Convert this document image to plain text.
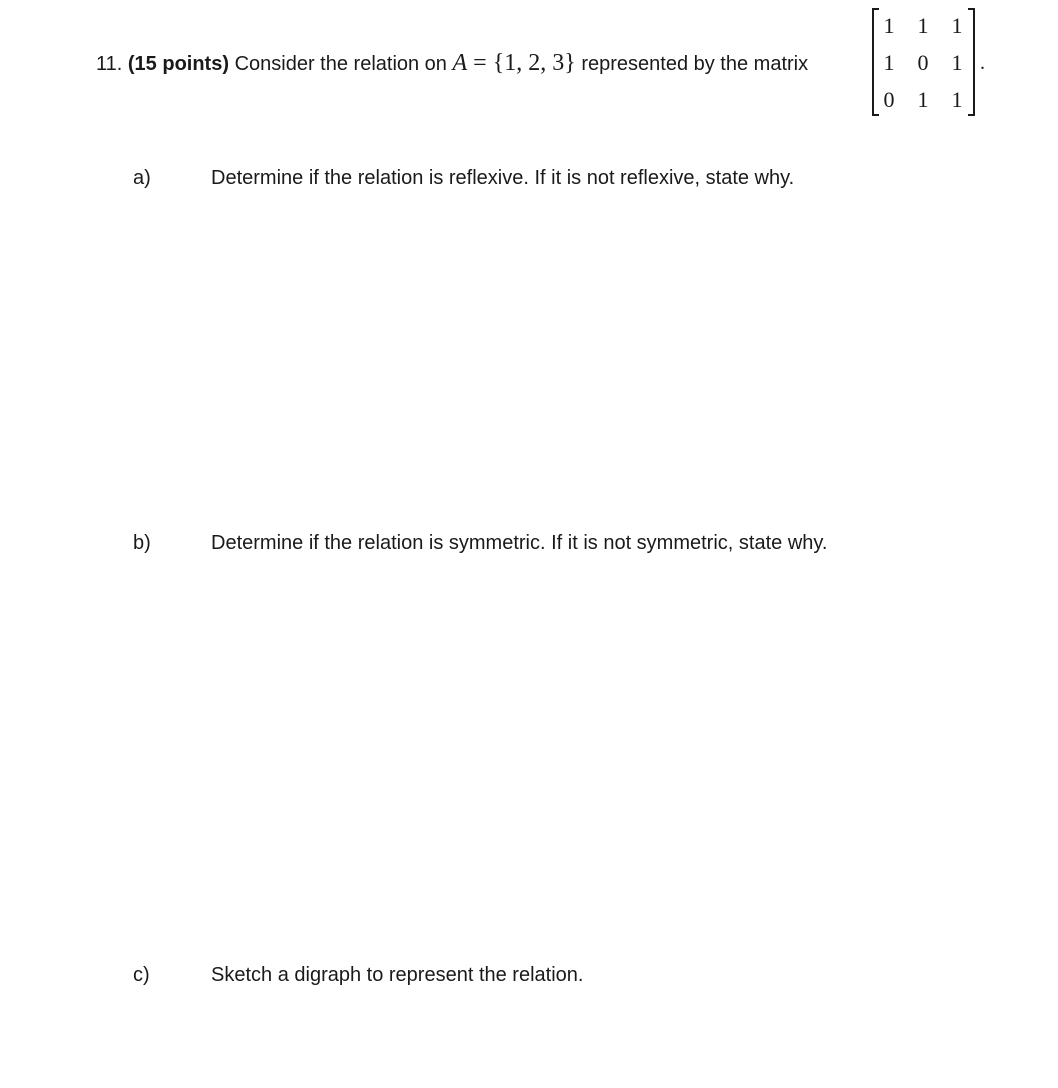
11. (15 points) Consider the relation on A = {1, 2, 3} represented by the matrix
1 1 1
1 0 1
0 1 1
.
a)	Determine if the relation is reflexive. If it is not reflexive, state why.
b)	Determine if the relation is symmetric. If it is not symmetric, state why.
c)	Sketch a digraph to represent the relation.
